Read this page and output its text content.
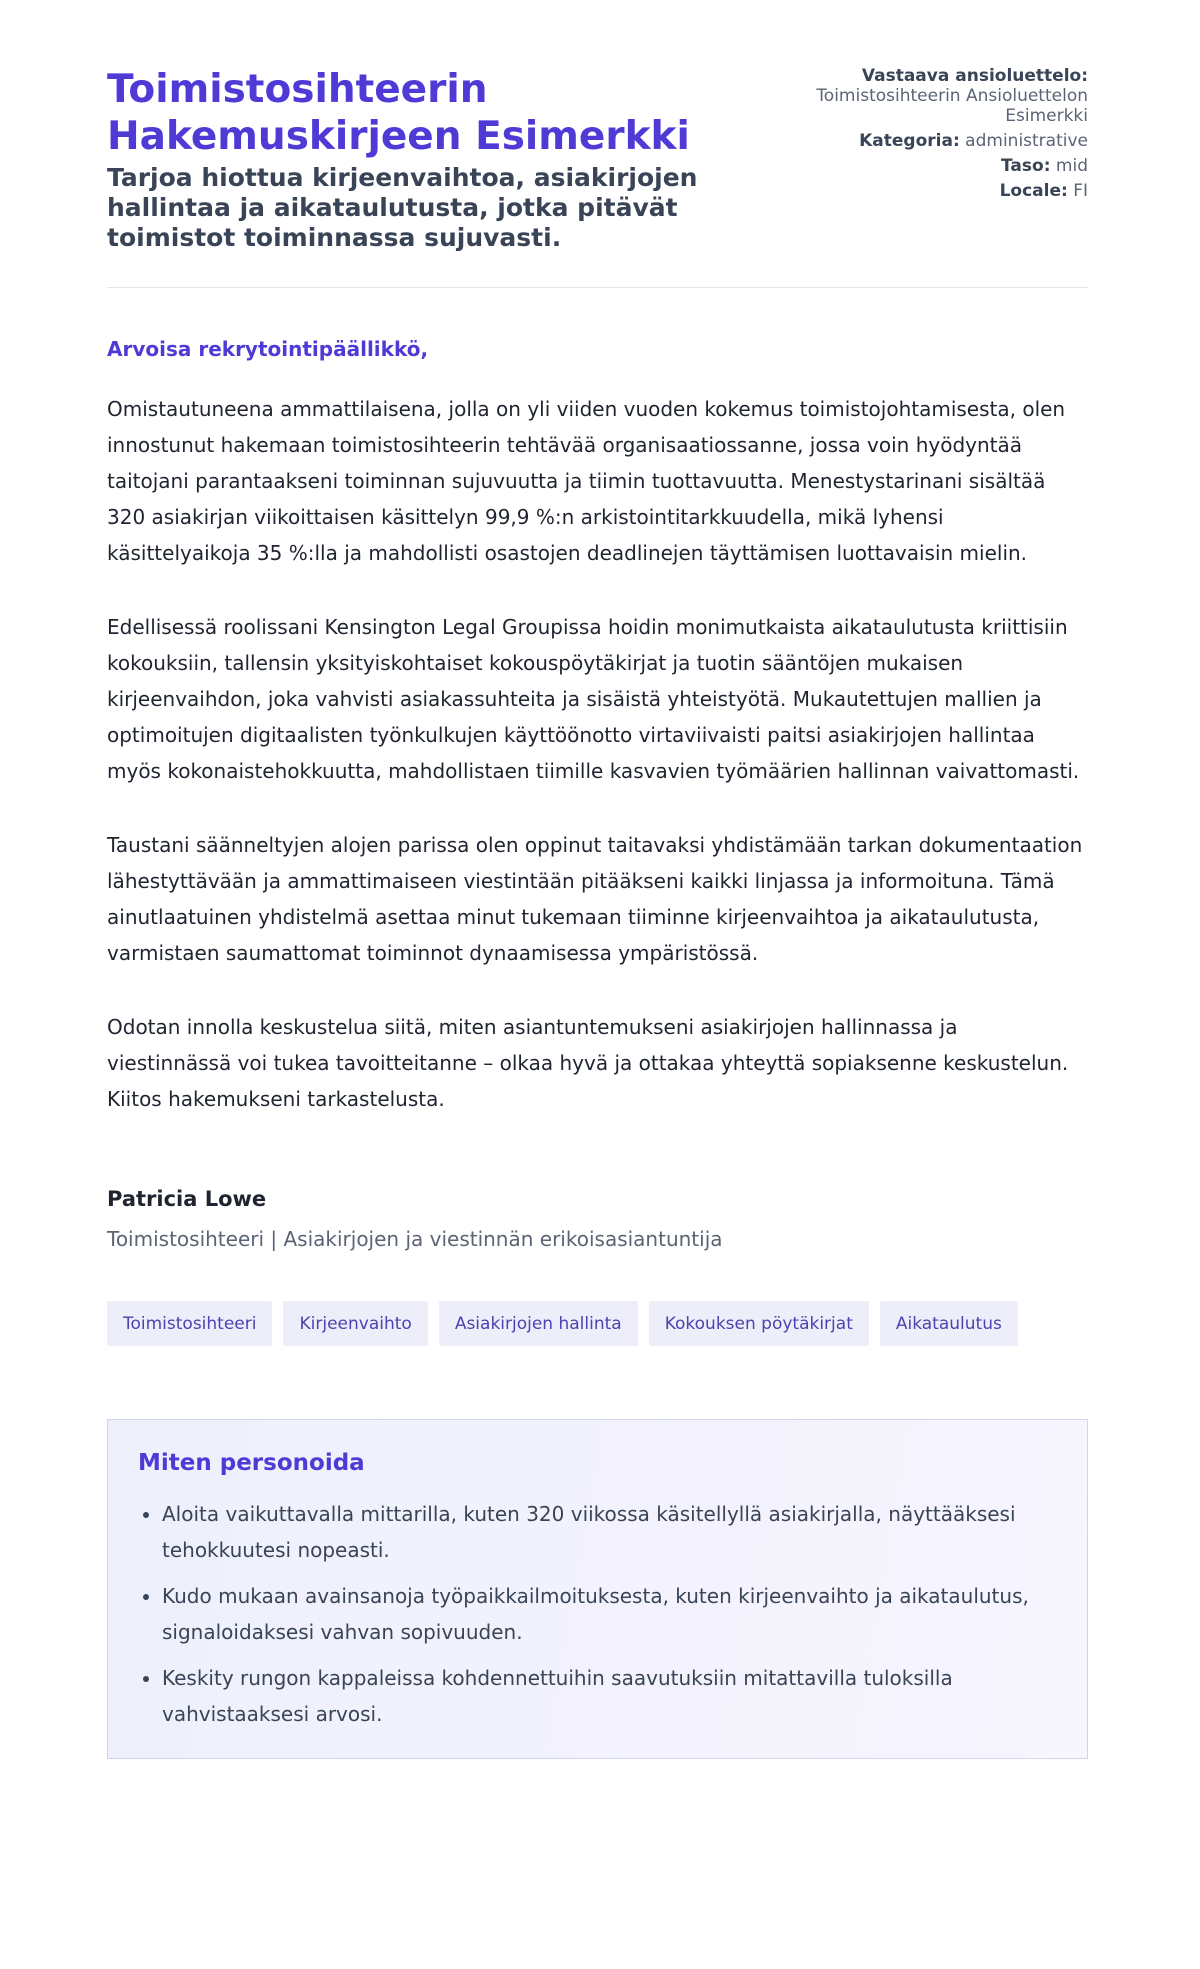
Toimistosihteerin Hakemuskirjeen Esimerkki

Tarjoa hiottua kirjeenvaihtoa, asiakirjojen hallintaa ja aikataulutusta, jotka pitävät toimistot toiminnassa sujuvasti.

Vastaava ansioluettelo:
Toimistosihteerin Ansioluettelon Esimerkki
Kategoria: administrative
Taso: mid
Locale: FI

Arvoisa rekrytointipäällikkö,

Omistautuneena ammattilaisena, jolla on yli viiden vuoden kokemus toimistojohtamisesta, olen innostunut hakemaan toimistosihteerin tehtävää organisaatiossanne, jossa voin hyödyntää taitojani parantaakseni toiminnan sujuvuutta ja tiimin tuottavuutta. Menestystarinani sisältää 320 asiakirjan viikoittaisen käsittelyn 99,9 %:n arkistointitarkkuudella, mikä lyhensi käsittelyaikoja 35 %:lla ja mahdollisti osastojen deadlinejen täyttämisen luottavaisin mielin.

Edellisessä roolissani Kensington Legal Groupissa hoidin monimutkaista aikataulutusta kriittisiin kokouksiin, tallensin yksityiskohtaiset kokouspöytäkirjat ja tuotin sääntöjen mukaisen kirjeenvaihdon, joka vahvisti asiakassuhteita ja sisäistä yhteistyötä. Mukautettujen mallien ja optimoitujen digitaalisten työnkulkujen käyttöönotto virtaviivaisti paitsi asiakirjojen hallintaa myös kokonaistehokkuutta, mahdollistaen tiimille kasvavien työmäärien hallinnan vaivattomasti.

Taustani säänneltyjen alojen parissa olen oppinut taitavaksi yhdistämään tarkan dokumentaation lähestyttävään ja ammattimaiseen viestintään pitääkseni kaikki linjassa ja informoituna. Tämä ainutlaatuinen yhdistelmä asettaa minut tukemaan tiiminne kirjeenvaihtoa ja aikataulutusta, varmistaen saumattomat toiminnot dynaamisessa ympäristössä.

Odotan innolla keskustelua siitä, miten asiantuntemukseni asiakirjojen hallinnassa ja viestinnässä voi tukea tavoitteitanne – olkaa hyvä ja ottakaa yhteyttä sopiaksenne keskustelun. Kiitos hakemukseni tarkastelusta.

Patricia Lowe
Toimistosihteeri | Asiakirjojen ja viestinnän erikoisasiantuntija
Toimistosihteeri	Kirjeenvaihto	Asiakirjojen hallinta	Kokouksen pöytäkirjat	Aikataulutus
Miten personoida
• Aloita vaikuttavalla mittarilla, kuten 320 viikossa käsitellyllä asiakirjalla, näyttääksesi tehokkuutesi nopeasti.
• Kudo mukaan avainsanoja työpaikkailmoituksesta, kuten kirjeenvaihto ja aikataulutus, signaloidaksesi vahvan sopivuuden.
• Keskity rungon kappaleissa kohdennettuihin saavutuksiin mitattavilla tuloksilla vahvistaaksesi arvosi.
